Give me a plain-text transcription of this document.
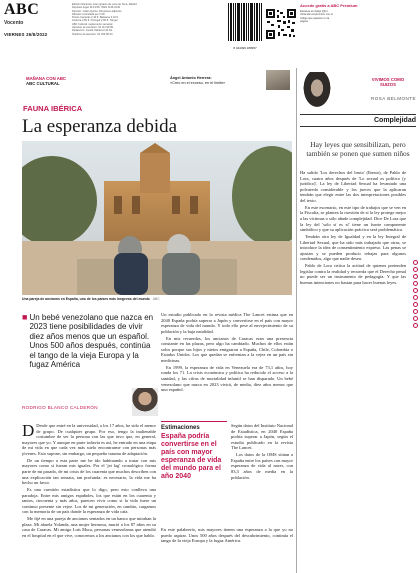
ABC
Vocento
VIERNES 26/8/2022
Edición Nacional: Juan Ignacio de Luca de Tena, Madrid
Depósito legal: M-13-58. ISSN 1136-0143
Director: Julián Quirós. Directores adjuntos
Difusión controlada por OJD
Precio Canarias 2,10 €. Baleares 2,10 €
Andorra 2,50 €. Portugal 2,90 €. Tánger
ABC Cultural: suplemento semanal
Atención al suscriptor: 91 111 99 99
Redacción: Josefa Valcárcel 40 bis
Teléfono de atención: 91 339 90 00
8 424499 189957
Accede gratis a ABC Premium
Escanea el código QR o visita abc.es/premium con el código que aparece en la página
MAÑANA CON ABC
ABC CULTURAL
Ángel Antonio Herrera:
«Creo en el exceso, en el límite»
FAUNA IBÉRICA
La esperanza debida
Una pareja de ancianos en España, uno de los países más longevos del mundo ABC
■ Un bebé venezolano que nazca en 2023 tiene posibilidades de vivir diez años menos que un español. Unos 500 años después, continúa el tango de la vieja Europa y la fugaz América
RODRIGO BLANCO CALDERÓN

D Desde que entré en la universidad, a los 17 años, he sido el menor de grupo. De cualquier grupo. Por eso, tengo la inalienable costumbre de ser la persona con las que tuvo que, en general, mayores que yo. Y aunque en parte todavía es así, he entrado en una etapa de mi vida en que cada vez más suelo encontrarme con personas más jóvenes. Esto supone, sin embargo, un pequeño trauma de adaptación.

De un tiempo a esta parte me he ido habituando a tratar con mis mayores como si fueran mis iguales. Por el 'jet lag' cronológico forma parte de mi pasado, de mi crisis de los cuarenta que muchos describen con una explicación tan sensata, tan profunda: es necesario, la vida me ha hecho un favor.

Es una cuestión estadística que lo digo, pero esto conlleva una paradoja. Entre mis amigos españoles, los que están en los cuarenta y tantos, cincuenta y más años, parecen vivir como si la vida fuese un continuo presente sin vejez. Los de mi generación, en cambio, cargamos con la memoria de un país donde la esperanza de vida caía.

Me fijé en una pareja de ancianos sentados en un banco que miraban la plaza. Mi abuela Yolanda, una mujer hermosa, murió a los 87 años en su casa de Caracas. Mi amigo Luis Mora, personas venezolanas que atendió en el hospital en el que vive, conocemos a los ancianos con los que hablo.

Un estudio publicado en la revista médica The Lancet estima que en 2040 España podría superar a Japón y convertirse en el país con mayor esperanza de vida del mundo. Y todo ello pese al envejecimiento de su población y la baja natalidad.

En mis recuerdos, los ancianos de Caracas eran una presencia constante en las plazas, pero algo ha cambiado. Muchos de ellos están solos porque sus hijos y nietos emigraron a España, Chile, Colombia o Estados Unidos. Los que quedan se enfrentan a la vejez en un país sin medicinas.

En 1999, la esperanza de vida en Venezuela era de 73,1 años, hoy ronda los 71. La crisis económica y política ha reducido el acceso a la sanidad, y las cifras de mortalidad infantil se han disparado. Un bebé venezolano que nazca en 2023 vivirá, de media, diez años menos que uno español.

Estimaciones
España podría convertirse en el país con mayor esperanza de vida del mundo para el año 2040

Según datos del Instituto Nacional de Estadística, en 2040 España podría superar a Japón, según el estudio publicado en la revista The Lancet.

Los datos de la OMS sitúan a España entre los países con mayor esperanza de vida al nacer, con 83,3 años de media en la población.

En este palabrerío, mis mayores tienen una esperanza a la que yo no puedo aspirar. Unos 500 años después del descubrimiento, continúa el tango de la vieja Europa y la fugaz América.

VIVIMOS COMO SUIZOS
ROSA BELMONTE
Complejidad
Hay leyes que sensibilizan, pero también se ponen que sumen niños

Ha salido 'Los derechos del bruto' (Ibesto), de Pablo de Lora, cuatro años después de 'Lo sexual es político (y jurídico)'. La ley de Libertad Sexual ha levantado una polvareda considerable y los jueces que la aplicaran tendrán que elegir entre las dos interpretaciones posibles del texto.

En este escenario, en este tipo de trabajos que se ven en la Fiscalía, se plantea la cuestión de si la ley protege mejor a las víctimas o sólo añade complejidad. Dice De Lora que la ley del 'solo sí es sí' tiene un fuerte componente simbólico y que su aplicación práctica será problemática.

Tendrán otra ley de Igualdad y en la ley Integral de Libertad Sexual, que ha sido más trabajada que otras, se introduce la idea de consentimiento expreso. Las penas se ajustan y se pueden producir rebajas para algunos condenados, algo que nadie desea.

Pablo de Lora critica la actitud de quienes pretenden legislar contra la realidad y recuerda que el Derecho penal no puede ser un instrumento de pedagogía. Y que las buenas intenciones no bastan para hacer buenas leyes.
